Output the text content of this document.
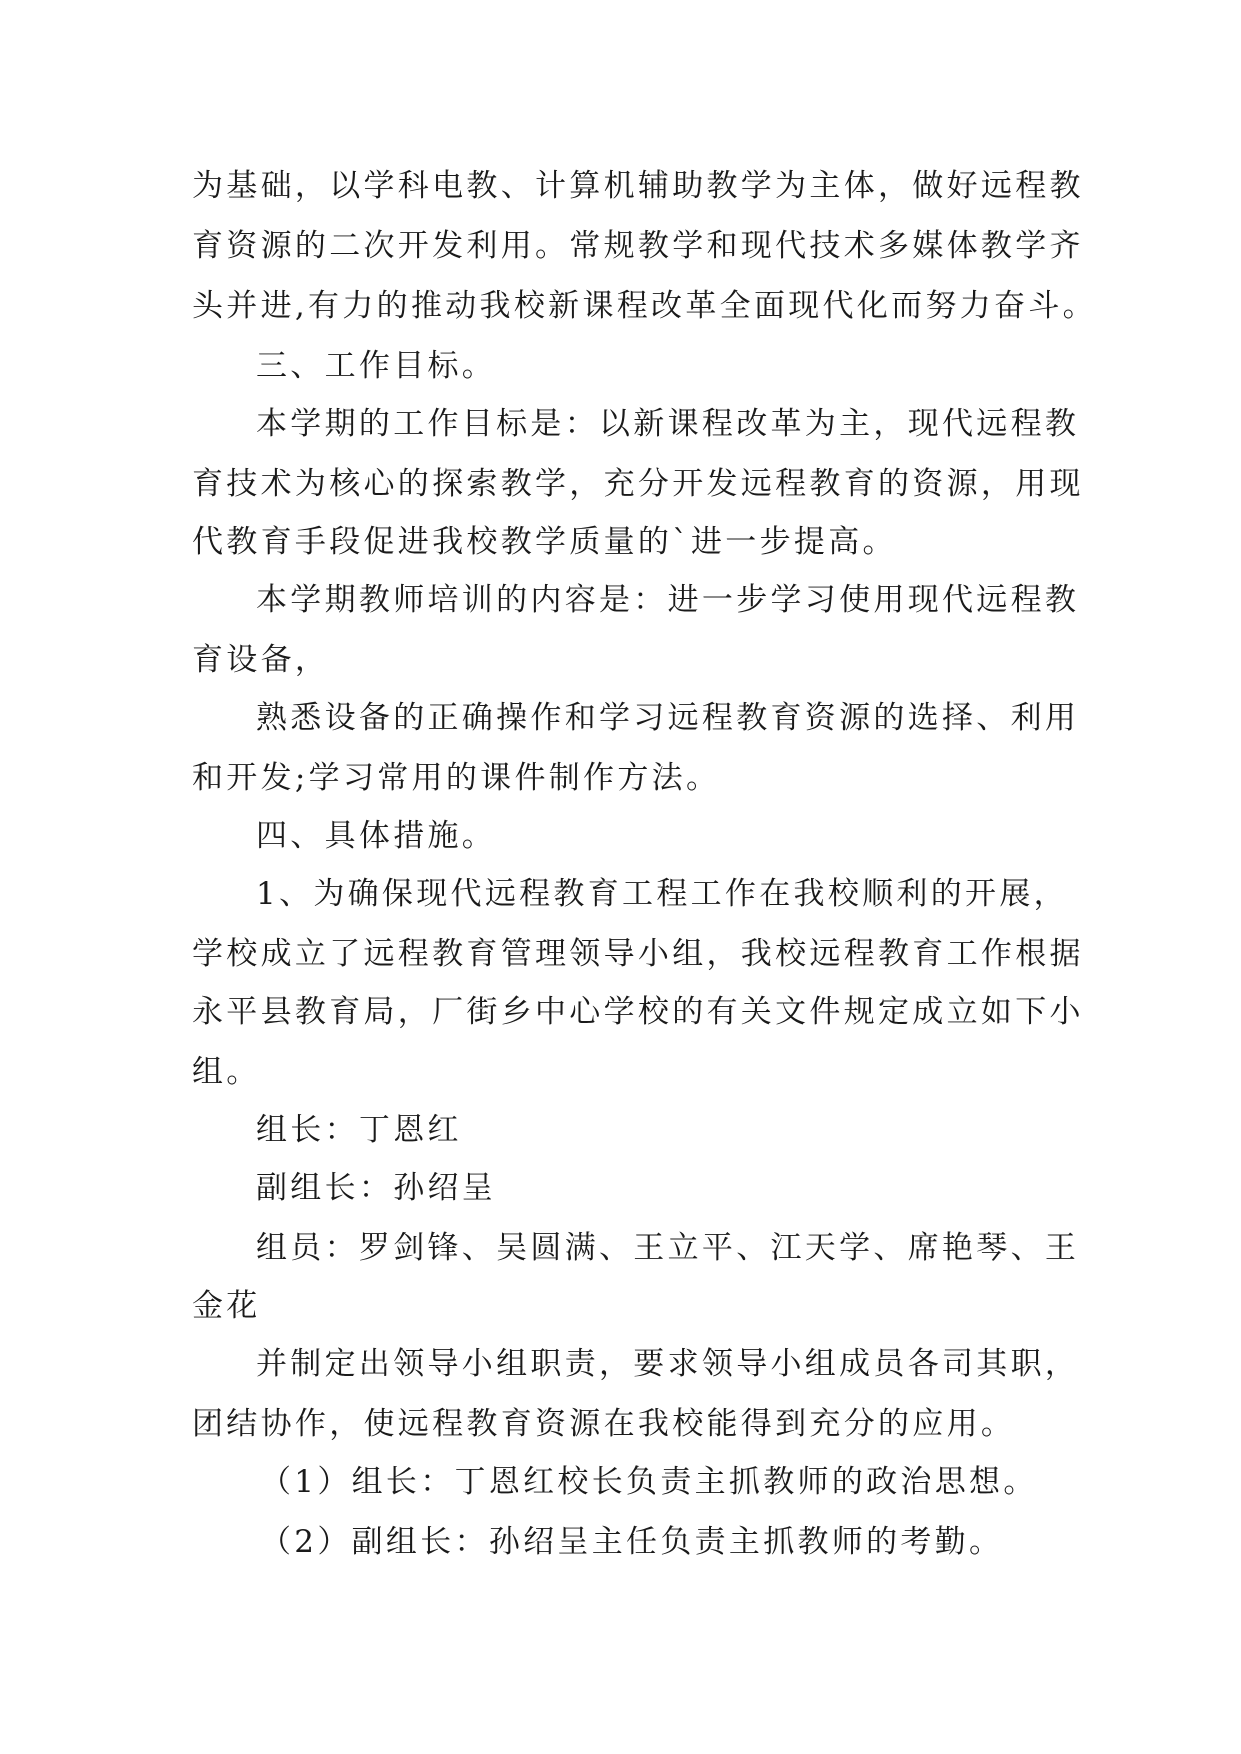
为基础，以学科电教、计算机辅助教学为主体，做好远程教

育资源的二次开发利用。常规教学和现代技术多媒体教学齐

头并进,有力的推动我校新课程改革全面现代化而努力奋斗。

三、工作目标。

本学期的工作目标是：以新课程改革为主，现代远程教

育技术为核心的探索教学，充分开发远程教育的资源，用现

代教育手段促进我校教学质量的`进一步提高。

本学期教师培训的内容是：进一步学习使用现代远程教

育设备，

熟悉设备的正确操作和学习远程教育资源的选择、利用

和开发;学习常用的课件制作方法。

四、具体措施。

1、为确保现代远程教育工程工作在我校顺利的开展，

学校成立了远程教育管理领导小组，我校远程教育工作根据

永平县教育局，厂街乡中心学校的有关文件规定成立如下小

组。

组长：丁恩红

副组长：孙绍呈

组员：罗剑锋、吴圆满、王立平、江天学、席艳琴、王

金花

并制定出领导小组职责，要求领导小组成员各司其职，

团结协作，使远程教育资源在我校能得到充分的应用。

（1）组长：丁恩红校长负责主抓教师的政治思想。

（2）副组长：孙绍呈主任负责主抓教师的考勤。
